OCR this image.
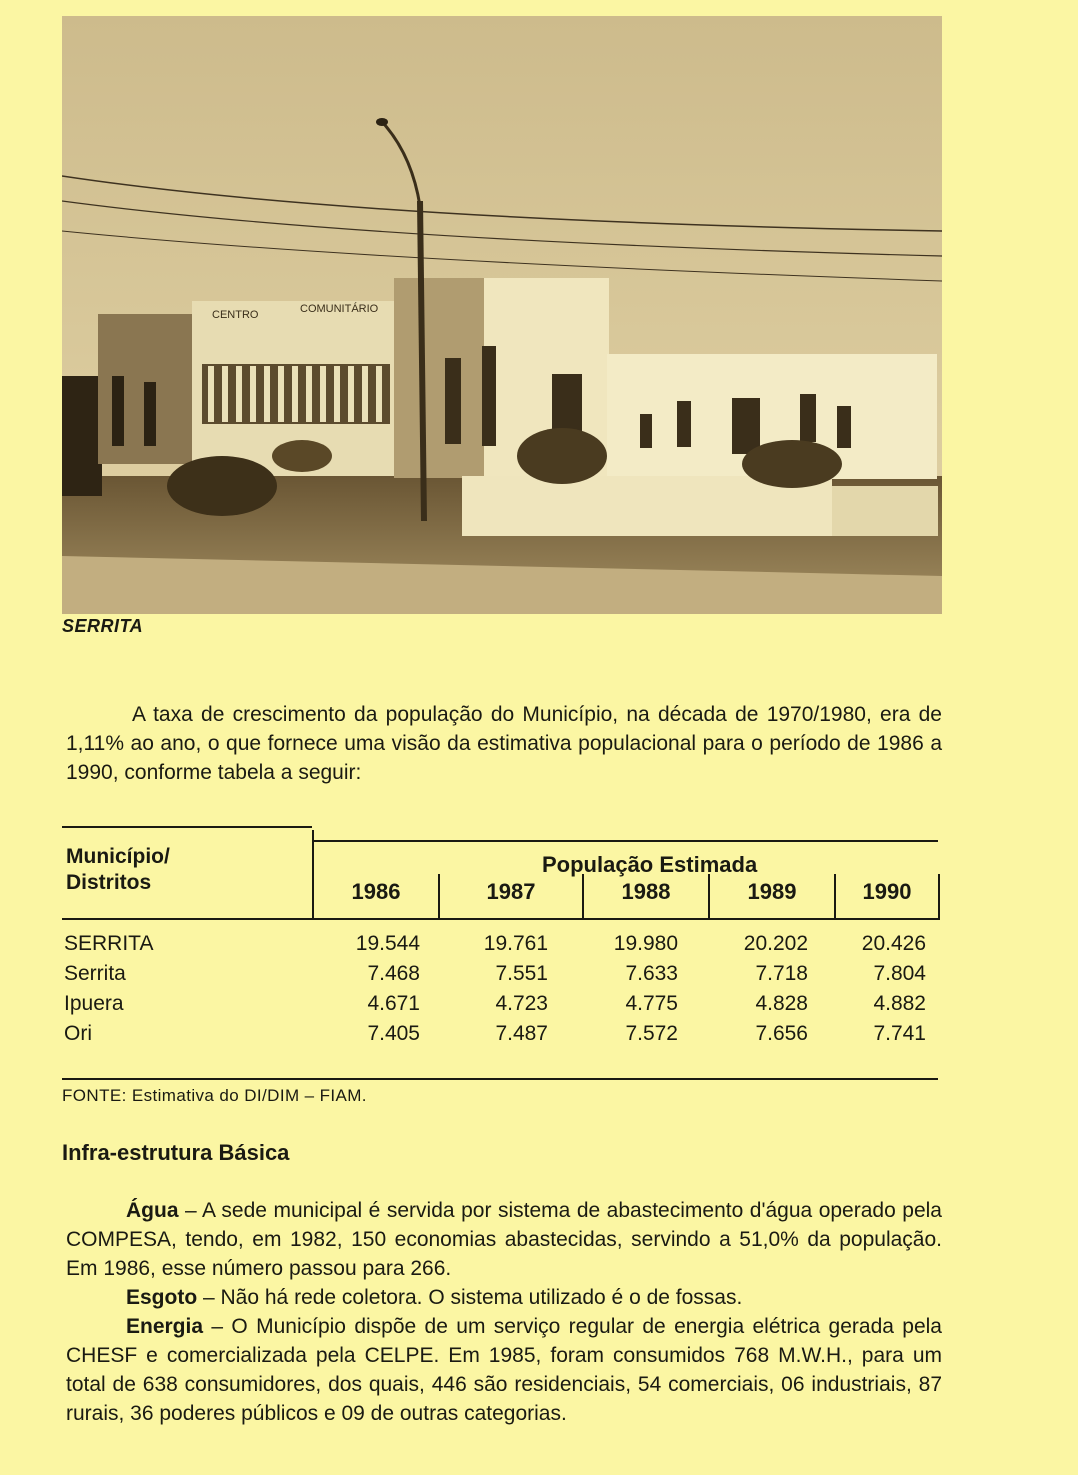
CENTRO	COMUNITÁRIO
SERRITA

A taxa de crescimento da população do Município, na década de 1970/1980, era de 1,11% ao ano, o que fornece uma visão da estimativa populacional para o período de 1986 a 1990, conforme tabela a seguir:

Município/
Distritos
População Estimada
1986	1987	1988	1989	1990
SERRITA	19.544	19.761	19.980	20.202	20.426
Serrita	7.468	7.551	7.633	7.718	7.804
Ipuera	4.671	4.723	4.775	4.828	4.882
Ori	7.405	7.487	7.572	7.656	7.741
FONTE: Estimativa do DI/DIM – FIAM.
Infra-estrutura Básica

Água – A sede municipal é servida por sistema de abastecimento d'água operado pela COMPESA, tendo, em 1982, 150 economias abastecidas, servindo a 51,0% da população. Em 1986, esse número passou para 266.

Esgoto – Não há rede coletora. O sistema utilizado é o de fossas.

Energia – O Município dispõe de um serviço regular de energia elétrica gerada pela CHESF e comercializada pela CELPE. Em 1985, foram consumidos 768 M.W.H., para um total de 638 consumidores, dos quais, 446 são residenciais, 54 comerciais, 06 industriais, 87 rurais, 36 poderes públicos e 09 de outras categorias.
